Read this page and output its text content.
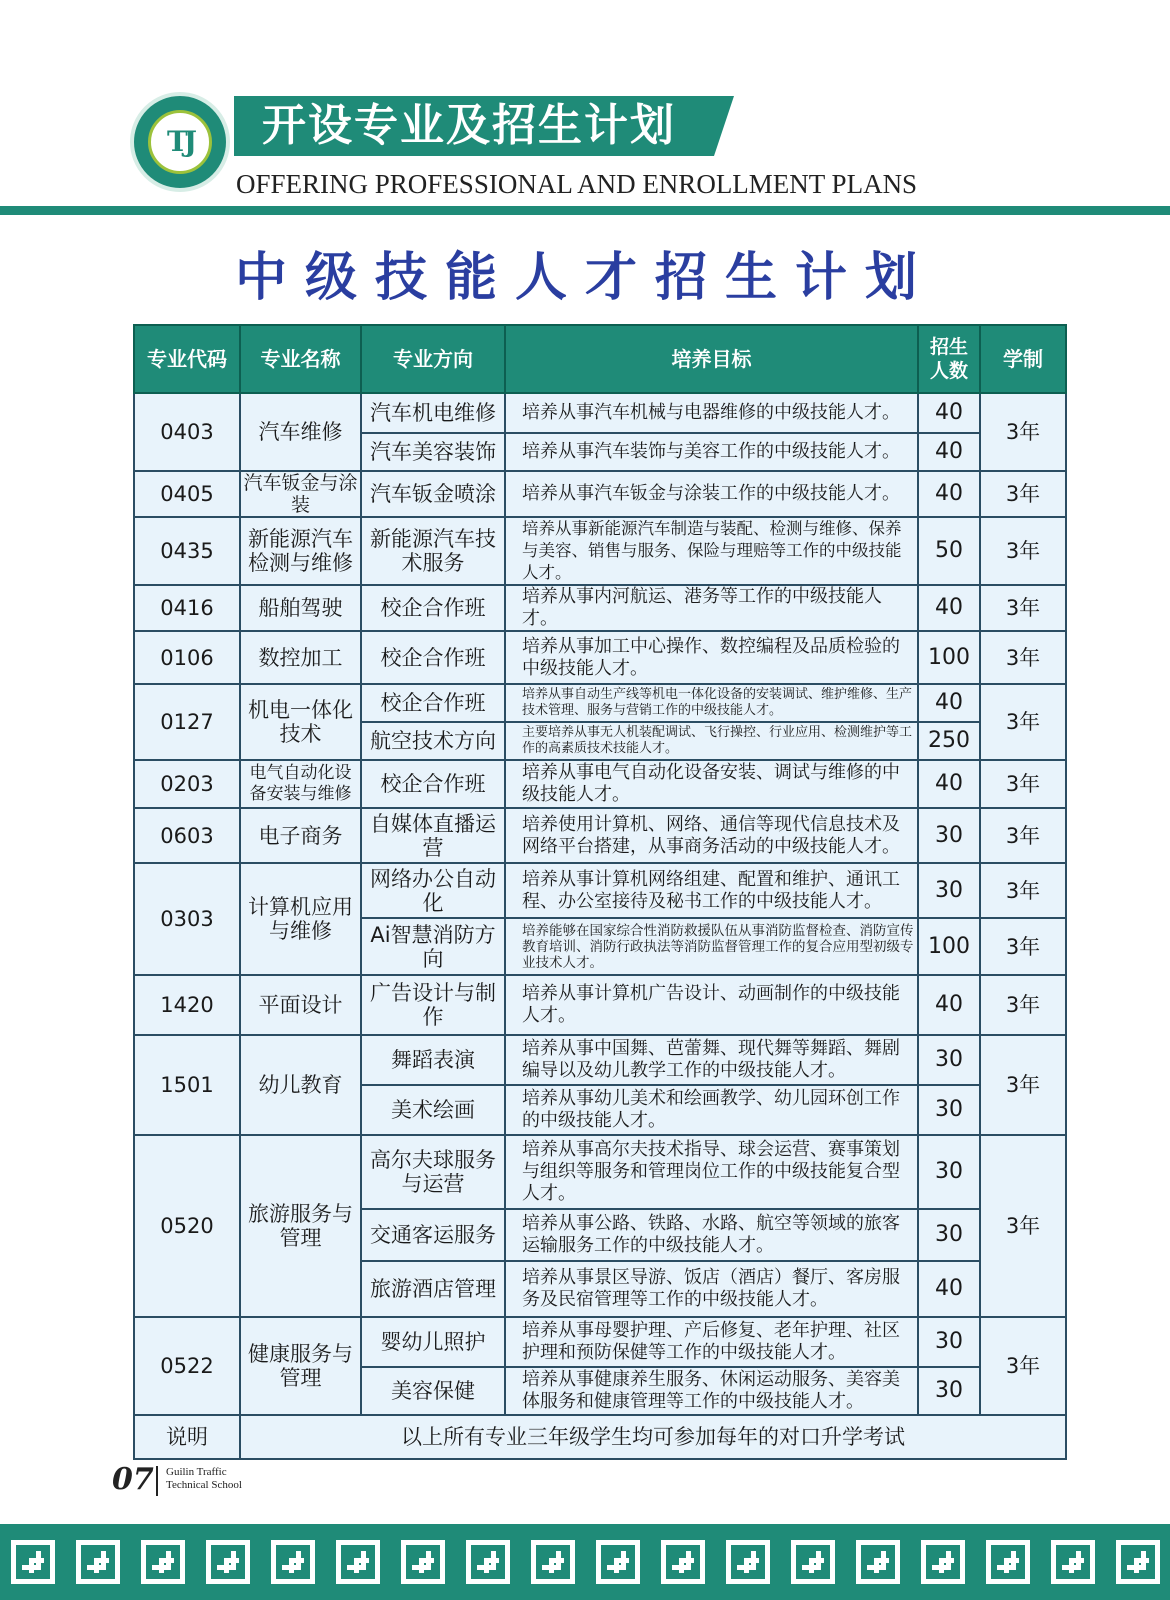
TJ	开设专业及招生计划
OFFERING PROFESSIONAL AND ENROLLMENT PLANS
中级技能人才招生计划
专业代码	专业名称	专业方向	培养目标	招生人数	学制
0403	汽车维修	汽车机电维修	培养从事汽车机械与电器维修的中级技能人才。	40	3年
		汽车美容装饰	培养从事汽车装饰与美容工作的中级技能人才。	40	
0405	汽车钣金与涂装	汽车钣金喷涂	培养从事汽车钣金与涂装工作的中级技能人才。	40	3年
0435	新能源汽车检测与维修	新能源汽车技术服务	培养从事新能源汽车制造与装配、检测与维修、保养与美容、销售与服务、保险与理赔等工作的中级技能人才。	50	3年
0416	船舶驾驶	校企合作班	培养从事内河航运、港务等工作的中级技能人才。	40	3年
0106	数控加工	校企合作班	培养从事加工中心操作、数控编程及品质检验的中级技能人才。	100	3年
0127	机电一体化技术	校企合作班	培养从事自动生产线等机电一体化设备的安装调试、维护维修、生产技术管理、服务与营销工作的中级技能人才。	40	3年
		航空技术方向	主要培养从事无人机装配调试、飞行操控、行业应用、检测维护等工作的高素质技术技能人才。	250	
0203	电气自动化设备安装与维修	校企合作班	培养从事电气自动化设备安装、调试与维修的中级技能人才。	40	3年
0603	电子商务	自媒体直播运营	培养使用计算机、网络、通信等现代信息技术及网络平台搭建，从事商务活动的中级技能人才。	30	3年
0303	计算机应用与维修	网络办公自动化	培养从事计算机网络组建、配置和维护、通讯工程、办公室接待及秘书工作的中级技能人才。	30	3年
		Ai智慧消防方向	培养能够在国家综合性消防救援队伍从事消防监督检查、消防宣传教育培训、消防行政执法等消防监督管理工作的复合应用型初级专业技术人才。	100	3年
1420	平面设计	广告设计与制作	培养从事计算机广告设计、动画制作的中级技能人才。	40	3年
1501	幼儿教育	舞蹈表演	培养从事中国舞、芭蕾舞、现代舞等舞蹈、舞剧编导以及幼儿教学工作的中级技能人才。	30	3年
		美术绘画	培养从事幼儿美术和绘画教学、幼儿园环创工作的中级技能人才。	30	
0520	旅游服务与管理	高尔夫球服务与运营	培养从事高尔夫技术指导、球会运营、赛事策划与组织等服务和管理岗位工作的中级技能复合型人才。	30	3年
		交通客运服务	培养从事公路、铁路、水路、航空等领域的旅客运输服务工作的中级技能人才。	30	
		旅游酒店管理	培养从事景区导游、饭店（酒店）餐厅、客房服务及民宿管理等工作的中级技能人才。	40	
0522	健康服务与管理	婴幼儿照护	培养从事母婴护理、产后修复、老年护理、社区护理和预防保健等工作的中级技能人才。	30	3年
		美容保健	培养从事健康养生服务、休闲运动服务、美容美体服务和健康管理等工作的中级技能人才。	30	
说明	以上所有专业三年级学生均可参加每年的对口升学考试				
07 Guilin Traffic
Technical School
